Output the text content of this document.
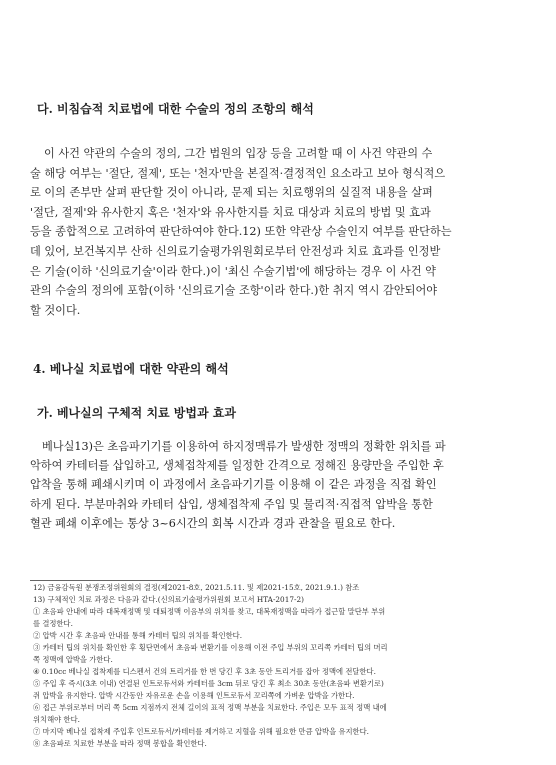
다. 비침습적 치료법에 대한 수술의 정의 조항의 해석
이 사건 약관의 수술의 정의, 그간 법원의 입장 등을 고려할 때 이 사건 약관의 수
술 해당 여부는 '절단, 절제', 또는 '천자'만을 본질적·결정적인 요소라고 보아 형식적으
로 이의 존부만 살펴 판단할 것이 아니라, 문제 되는 치료행위의 실질적 내용을 살펴
'절단, 절제'와 유사한지 혹은 '천자'와 유사한지를 치료 대상과 치료의 방법 및 효과
등을 종합적으로 고려하여 판단하여야 한다.12) 또한 약관상 수술인지 여부를 판단하는
데 있어, 보건복지부 산하 신의료기술평가위원회로부터 안전성과 치료 효과를 인정받
은 기술(이하 '신의료기술'이라 한다.)이 '최신 수술기법'에 해당하는 경우 이 사건 약
관의 수술의 정의에 포함(이하 '신의료기술 조항'이라 한다.)한 취지 역시 감안되어야
할 것이다.
4. 베나실 치료법에 대한 약관의 해석
가. 베나실의 구체적 치료 방법과 효과
베나실13)은 초음파기기를 이용하여 하지정맥류가 발생한 정맥의 정확한 위치를 파
악하여 카테터를 삽입하고, 생체접착제를 일정한 간격으로 정해진 용량만을 주입한 후
압착을 통해 폐쇄시키며 이 과정에서 초음파기기를 이용해 이 같은 과정을 직접 확인
하게 된다. 부분마취와 카테터 삽입, 생체접착제 주입 및 물리적·직접적 압박을 통한
혈관 폐쇄 이후에는 통상 3~6시간의 회복 시간과 경과 관찰을 필요로 한다.
12) 금융감독원 분쟁조정위원회의 결정(제2021-8호, 2021.5.11. 및 제2021-15호, 2021.9.1.) 참조
13) 구체적인 치료 과정은 다음과 같다.(신의료기술평가위원회 보고서 HTA-2017-2)
① 초음파 안내에 따라 대복재정맥 및 대퇴정맥 이음부의 위치를 찾고, 대복재정맥을 따라가 접근할 말단부 부위
를 결정한다.
② 압박 시간 후 초음파 안내를 통해 카테터 팁의 위치를 확인한다.
③ 카테터 팁의 위치를 확인한 후 횡단면에서 초음파 변환기를 이용해 이전 주입 부위의 꼬리쪽 카테터 팁의 머리
쪽 정맥에 압박을 가한다.
④ 0.10cc 베나실 접착제를 디스펜서 건의 트리거를 한 번 당긴 후 3초 동안 트리거를 잡아 정맥에 전달한다.
⑤ 주입 후 즉시(3초 이내) 연결된 인트로듀서와 카테터를 3cm 뒤로 당긴 후 최소 30초 동안(초음파 변환기로)
쥐 압박을 유지한다. 압박 시간동안 자유로운 손을 이용해 인트로듀서 꼬리쪽에 가벼운 압박을 가한다.
⑥ 접근 부위로부터 머리 쪽 5cm 지점까지 전체 길이의 표적 정맥 부분을 치료한다. 주입은 모두 표적 정맥 내에
위치해야 한다.
⑦ 마지막 베나실 접착제 주입후 인트로듀서/카테터를 제거하고 지혈을 위해 필요한 만큼 압박을 유지한다.
⑧ 초음파로 치료한 부분을 따라 정맥 봉합을 확인한다.
